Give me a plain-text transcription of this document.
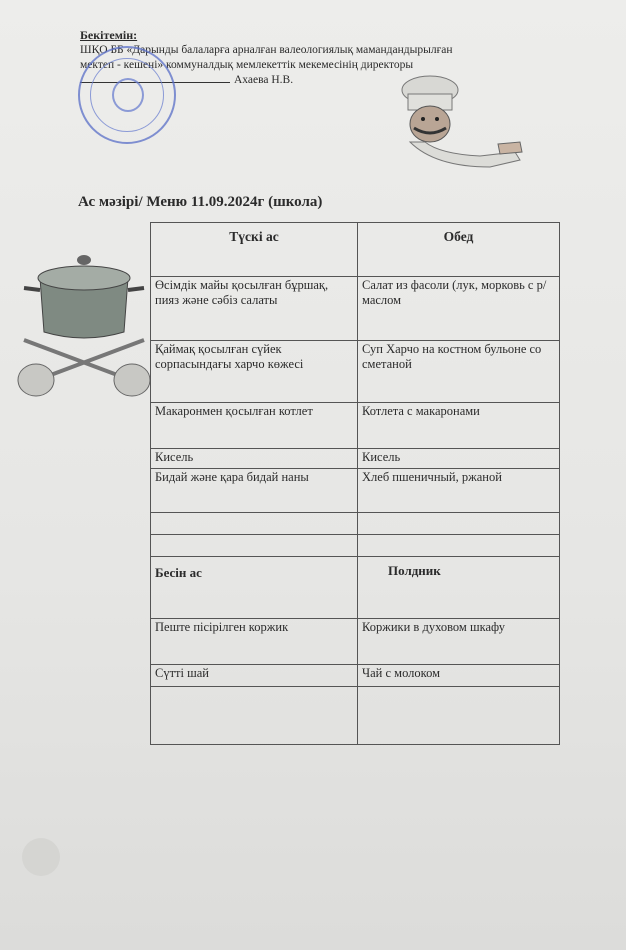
Бекітемін:
ШҚО ББ «Дарынды балаларға арналған валеологиялық мамандандырылған
мектеп - кешені» коммуналдық мемлекеттік мекемесінің директоры
Ахаева Н.В.
Ас мәзірі/ Меню 11.09.2024г (школа)
Түскі ас	Обед
Өсімдік майы қосылған бұршақ, пияз және сәбіз салаты	Салат из фасоли (лук, морковь с р/маслом
Қаймақ қосылған сүйек сорпасындағы харчо көжесі	Суп Харчо на костном бульоне со сметаной
Макаронмен қосылған котлет	Котлета с макаронами
Кисель	Кисель
Бидай және қара бидай наны	Хлеб пшеничный, ржаной

Бесін ас	Полдник
Пеште пісірілген коржик	Коржики в духовом шкафу
Сүтті шай	Чай с молоком
